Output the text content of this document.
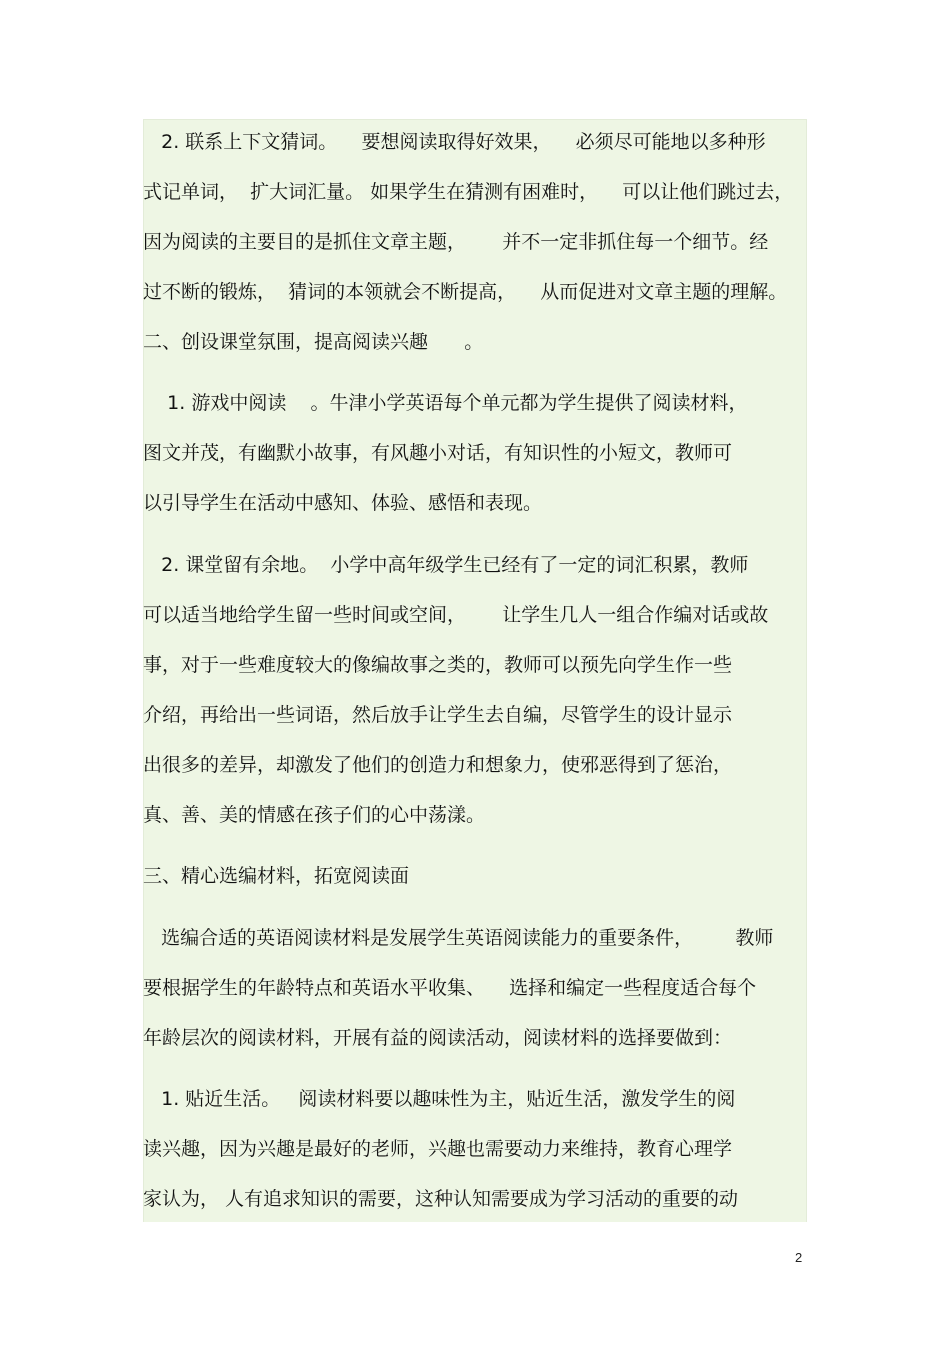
2. 联系上下文猜词。    要想阅读取得好效果，    必须尽可能地以多种形

式记单词，  扩大词汇量。 如果学生在猜测有困难时，    可以让他们跳过去，

因为阅读的主要目的是抓住文章主题，      并不一定非抓住每一个细节。经

过不断的锻炼，  猜词的本领就会不断提高，    从而促进对文章主题的理解。

二、创设课堂氛围，提高阅读兴趣      。

1. 游戏中阅读    。牛津小学英语每个单元都为学生提供了阅读材料，

图文并茂，有幽默小故事，有风趣小对话，有知识性的小短文，教师可

以引导学生在活动中感知、体验、感悟和表现。

2. 课堂留有余地。  小学中高年级学生已经有了一定的词汇积累，教师

可以适当地给学生留一些时间或空间，      让学生几人一组合作编对话或故

事，对于一些难度较大的像编故事之类的，教师可以预先向学生作一些

介绍，再给出一些词语，然后放手让学生去自编，尽管学生的设计显示

出很多的差异，却激发了他们的创造力和想象力，使邪恶得到了惩治，

真、善、美的情感在孩子们的心中荡漾。

三、精心选编材料，拓宽阅读面

选编合适的英语阅读材料是发展学生英语阅读能力的重要条件，       教师

要根据学生的年龄特点和英语水平收集、    选择和编定一些程度适合每个

年龄层次的阅读材料，开展有益的阅读活动，阅读材料的选择要做到：

1. 贴近生活。   阅读材料要以趣味性为主，贴近生活，激发学生的阅

读兴趣，因为兴趣是最好的老师，兴趣也需要动力来维持，教育心理学

家认为， 人有追求知识的需要，这种认知需要成为学习活动的重要的动

2
